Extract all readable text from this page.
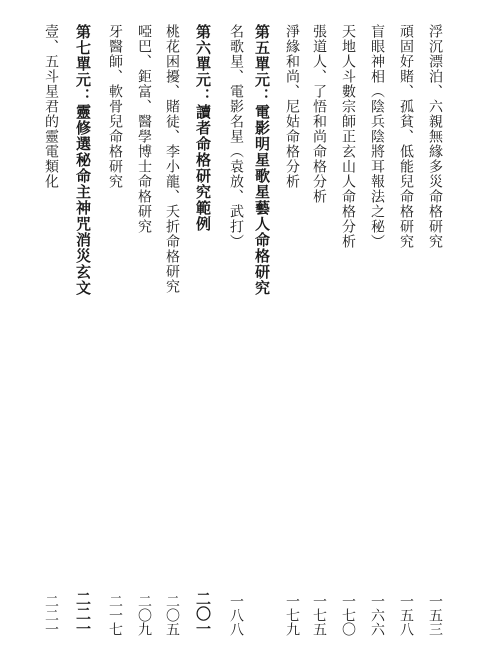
浮沉漂泊、六親無緣多災命格研究
一五三
頑固好賭、孤貧、低能兒命格研究
一五八
盲眼神相（陰兵陰將耳報法之秘）
一六六
天地人斗數宗師正玄山人命格分析
一七〇
張道人、了悟和尚命格分析
一七五
淨緣和尚、尼姑命格分析
一七九
第五單元：電影明星歌星藝人命格研究
名歌星、電影名星（袁放、武打）
一八八
第六單元：讀者命格研究範例
二〇一
桃花困擾、賭徒、李小龍、夭折命格研究
二〇五
啞巴、鉅富、醫學博士命格研究
二〇九
牙醫師、軟骨兒命格研究
二一七
第七單元：靈修選秘命主神咒消災玄文
二二一
壹、五斗星君的靈電類化
二二一
